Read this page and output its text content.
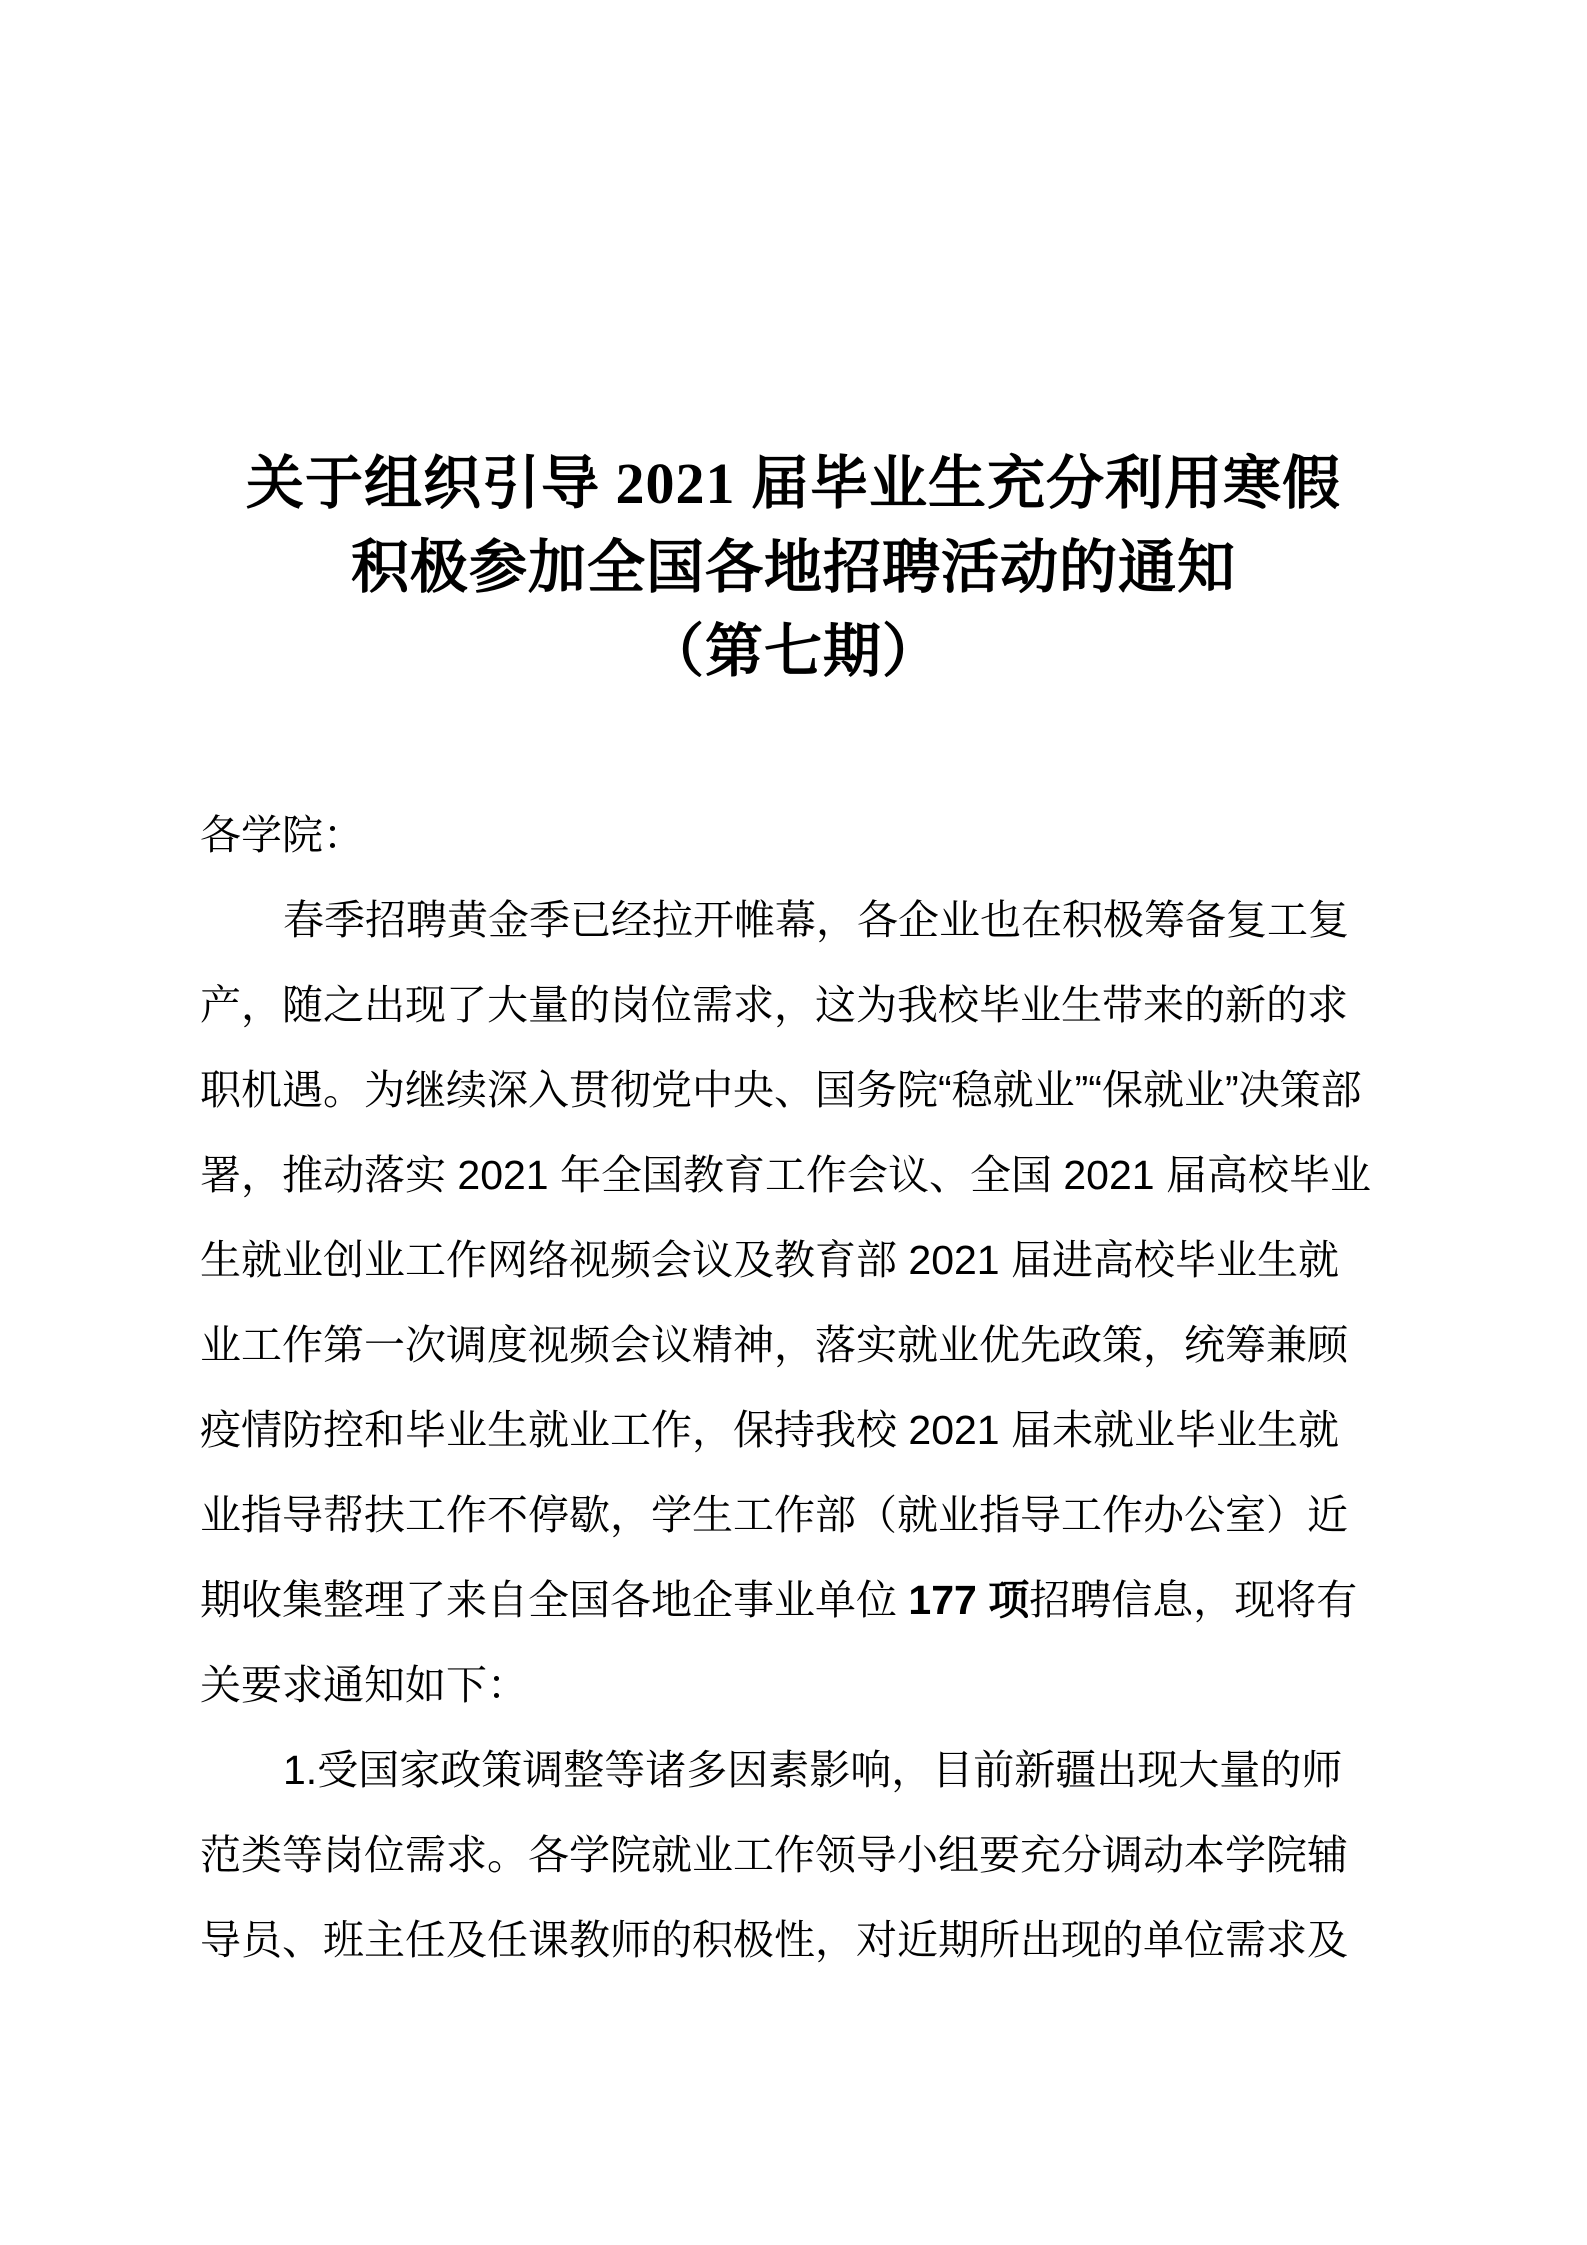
关于组织引导 2021 届毕业生充分利用寒假
积极参加全国各地招聘活动的通知
（第七期）
各学院：
春季招聘黄金季已经拉开帷幕，各企业也在积极筹备复工复
产，随之出现了大量的岗位需求，这为我校毕业生带来的新的求
职机遇。为继续深入贯彻党中央、国务院“稳就业”“保就业”决策部
署，推动落实 2021 年全国教育工作会议、全国 2021 届高校毕业
生就业创业工作网络视频会议及教育部 2021 届进高校毕业生就
业工作第一次调度视频会议精神，落实就业优先政策，统筹兼顾
疫情防控和毕业生就业工作，保持我校 2021 届未就业毕业生就
业指导帮扶工作不停歇，学生工作部（就业指导工作办公室）近
期收集整理了来自全国各地企事业单位 177 项招聘信息，现将有
关要求通知如下：
1.受国家政策调整等诸多因素影响，目前新疆出现大量的师
范类等岗位需求。各学院就业工作领导小组要充分调动本学院辅
导员、班主任及任课教师的积极性，对近期所出现的单位需求及
